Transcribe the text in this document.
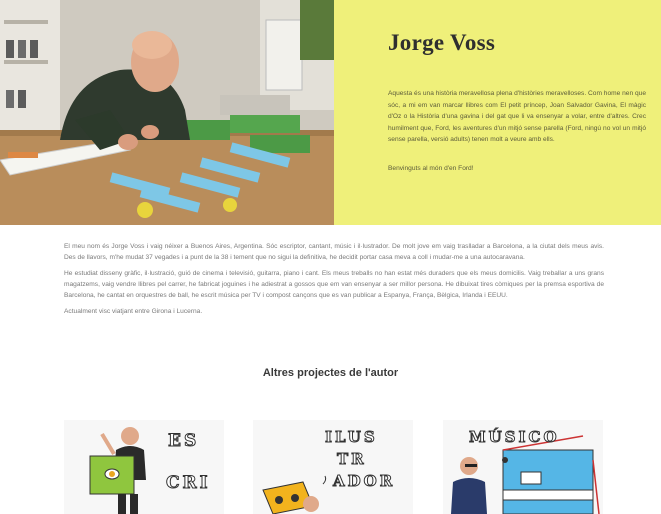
Jorge Voss

Aquesta és una història meravellosa plena d'històries meravelloses. Com home nen que sóc, a mi em van marcar llibres com El petit príncep, Joan Salvador Gavina, El màgic d'Oz o la Història d'una gavina i del gat que li va ensenyar a volar, entre d'altres. Crec humilment que, Ford, les aventures d'un mitjó sense parella (Ford, ningú no vol un mitjó sense parella, versió adults) tenen molt a veure amb ells.

Benvinguts al món d'en Ford!

El meu nom és Jorge Voss i vaig néixer a Buenos Aires, Argentina. Sóc escriptor, cantant, músic i il·lustrador. De molt jove em vaig traslladar a Barcelona, a la ciutat dels meus avis. Des de llavors, m'he mudat 37 vegades i a punt de la 38 i tement que no sigui la definitiva, he decidit portar casa meva a coll i mudar-me a una autocaravana.

He estudiat disseny gràfic, il·lustració, guió de cinema i televisió, guitarra, piano i cant. Els meus treballs no han estat més duraders que els meus domicilis. Vaig treballar a uns grans magatzems, vaig vendre llibres pel carrer, he fabricat joguines i he adiestrat a gossos que em van ensenyar a ser millor persona. He dibuixat tires còmiques per la premsa esportiva de Barcelona, he cantat en orquestres de ball, he escrit música per TV i compost cançons que es van publicar a Espanya, França, Bèlgica, Irlanda i EEUU.

Actualment visc viatjant entre Girona i Lucerna.

Altres projectes de l'autor
ES
CRI
ILUS
TR
ADOR
MÚSICO
